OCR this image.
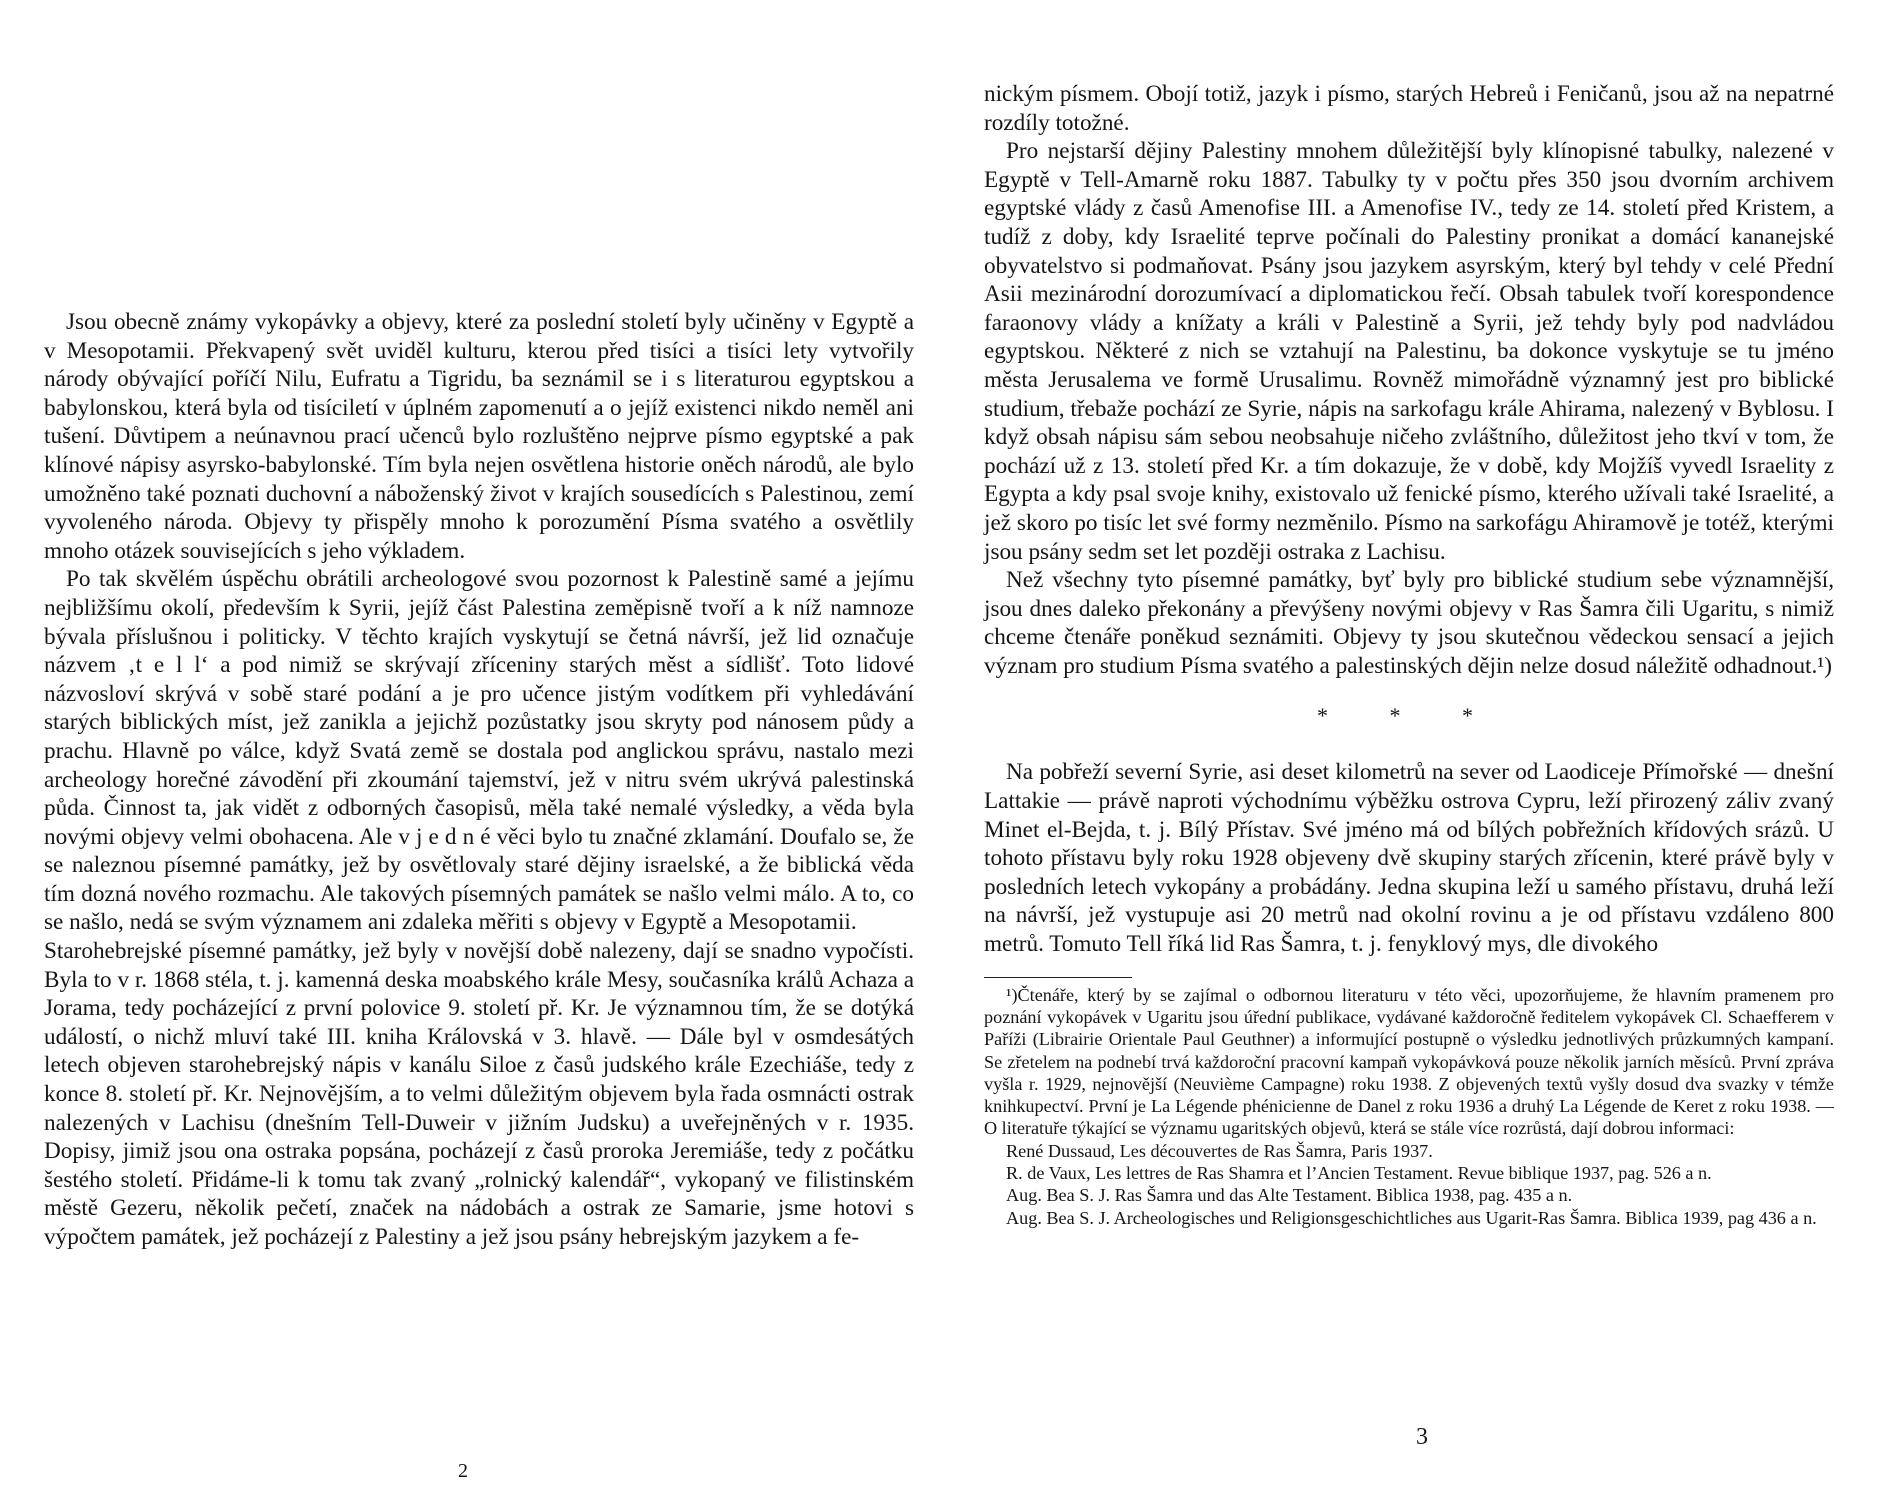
Jsou obecně známy vykopávky a objevy, které za poslední století byly učiněny v Egyptě a v Mesopotamii. Překvapený svět uviděl kulturu, kterou před tisíci a tisíci lety vytvořily národy obývající poříčí Nilu, Eufratu a Tigridu, ba seznámil se i s literaturou egyptskou a babylonskou, která byla od tisíciletí v úplném zapomenutí a o jejíž existenci nikdo neměl ani tušení. Důvtipem a neúnavnou prací učenců bylo rozluštěno nejprve písmo egyptské a pak klínové nápisy asyrsko-babylonské. Tím byla nejen osvětlena historie oněch národů, ale bylo umožněno také poznati duchovní a náboženský život v krajích sousedících s Palestinou, zemí vyvoleného národa. Objevy ty přispěly mnoho k porozumění Písma svatého a osvětlily mnoho otázek souvisejících s jeho výkladem.

Po tak skvělém úspěchu obrátili archeologové svou pozornost k Palestině samé a jejímu nejbližšímu okolí, především k Syrii, jejíž část Palestina zeměpisně tvoří a k níž namnoze bývala příslušnou i politicky. V těchto krajích vyskytují se četná návrší, jež lid označuje názvem ‚t e l l‘ a pod nimiž se skrývají zříceniny starých měst a sídlišť. Toto lidové názvosloví skrývá v sobě staré podání a je pro učence jistým vodítkem při vyhledávání starých biblických míst, jež zanikla a jejichž pozůstatky jsou skryty pod nánosem půdy a prachu. Hlavně po válce, když Svatá země se dostala pod anglickou správu, nastalo mezi archeology horečné závodění při zkoumání tajemství, jež v nitru svém ukrývá palestinská půda. Činnost ta, jak vidět z odborných časopisů, měla také nemalé výsledky, a věda byla novými objevy velmi obohacena. Ale v j e d n é věci bylo tu značné zklamání. Doufalo se, že se naleznou písemné památky, jež by osvětlovaly staré dějiny israelské, a že biblická věda tím dozná nového rozmachu. Ale takových písemných památek se našlo velmi málo. A to, co se našlo, nedá se svým významem ani zdaleka měřiti s objevy v Egyptě a Mesopotamii.

Starohebrejské písemné památky, jež byly v novější době nalezeny, dají se snadno vypočísti. Byla to v r. 1868 stéla, t. j. kamenná deska moabského krále Mesy, současníka králů Achaza a Jorama, tedy pocházející z první polovice 9. století př. Kr. Je významnou tím, že se dotýká událostí, o nichž mluví také III. kniha Královská v 3. hlavě. — Dále byl v osmdesátých letech objeven starohebrejský nápis v kanálu Siloe z časů judského krále Ezechiáše, tedy z konce 8. století př. Kr. Nejnovějším, a to velmi důležitým objevem byla řada osmnácti ostrak nalezených v Lachisu (dnešním Tell-Duweir v jižním Judsku) a uveřejněných v r. 1935. Dopisy, jimiž jsou ona ostraka popsána, pocházejí z časů proroka Jeremiáše, tedy z počátku šestého století. Přidáme-li k tomu tak zvaný „rolnický kalendář“, vykopaný ve filistinském městě Gezeru, několik pečetí, značek na nádobách a ostrak ze Samarie, jsme hotovi s výpočtem památek, jež pocházejí z Palestiny a jež jsou psány hebrejským jazykem a fe-

2

nickým písmem. Obojí totiž, jazyk i písmo, starých Hebreů i Feničanů, jsou až na nepatrné rozdíly totožné.

Pro nejstarší dějiny Palestiny mnohem důležitější byly klínopisné tabulky, nalezené v Egyptě v Tell-Amarně roku 1887. Tabulky ty v počtu přes 350 jsou dvorním archivem egyptské vlády z časů Amenofise III. a Amenofise IV., tedy ze 14. století před Kristem, a tudíž z doby, kdy Israelité teprve počínali do Palestiny pronikat a domácí kananejské obyvatelstvo si podmaňovat. Psány jsou jazykem asyrským, který byl tehdy v celé Přední Asii mezinárodní dorozumívací a diplomatickou řečí. Obsah tabulek tvoří korespondence faraonovy vlády a knížaty a králi v Palestině a Syrii, jež tehdy byly pod nadvládou egyptskou. Některé z nich se vztahují na Palestinu, ba dokonce vyskytuje se tu jméno města Jerusalema ve formě Urusalimu. Rovněž mimořádně významný jest pro biblické studium, třebaže pochází ze Syrie, nápis na sarkofagu krále Ahirama, nalezený v Byblosu. I když obsah nápisu sám sebou neobsahuje ničeho zvláštního, důležitost jeho tkví v tom, že pochází už z 13. století před Kr. a tím dokazuje, že v době, kdy Mojžíš vyvedl Israelity z Egypta a kdy psal svoje knihy, existovalo už fenické písmo, kterého užívali také Israelité, a jež skoro po tisíc let své formy nezměnilo. Písmo na sarkofágu Ahiramově je totéž, kterými jsou psány sedm set let později ostraka z Lachisu.

Než všechny tyto písemné památky, byť byly pro biblické studium sebe významnější, jsou dnes daleko překonány a převýšeny novými objevy v Ras Šamra čili Ugaritu, s nimiž chceme čtenáře poněkud seznámiti. Objevy ty jsou skutečnou vědeckou sensací a jejich význam pro studium Písma svatého a palestinských dějin nelze dosud náležitě odhadnout.¹)

* * *

Na pobřeží severní Syrie, asi deset kilometrů na sever od Laodiceje Přímořské — dnešní Lattakie — právě naproti východnímu výběžku ostrova Cypru, leží přirozený záliv zvaný Minet el-Bejda, t. j. Bílý Přístav. Své jméno má od bílých pobřežních křídových srázů. U tohoto přístavu byly roku 1928 objeveny dvě skupiny starých zřícenin, které právě byly v posledních letech vykopány a probádány. Jedna skupina leží u samého přístavu, druhá leží na návrší, jež vystupuje asi 20 metrů nad okolní rovinu a je od přístavu vzdáleno 800 metrů. Tomuto Tell říká lid Ras Šamra, t. j. fenyklový mys, dle divokého

¹)Čtenáře, který by se zajímal o odbornou literaturu v této věci, upozorňujeme, že hlavním pramenem pro poznání vykopávek v Ugaritu jsou úřední publikace, vydávané každoročně ředitelem vykopávek Cl. Schaefferem v Paříži (Librairie Orientale Paul Geuthner) a informující postupně o výsledku jednotlivých průzkumných kampaní. Se zřetelem na podnebí trvá každoroční pracovní kampaň vykopávková pouze několik jarních měsíců. První zpráva vyšla r. 1929, nejnovější (Neuvième Campagne) roku 1938. Z objevených textů vyšly dosud dva svazky v témže knihkupectví. První je La Légende phénicienne de Danel z roku 1936 a druhý La Légende de Keret z roku 1938. — O literatuře týkající se významu ugaritských objevů, která se stále více rozrůstá, dají dobrou informaci:

René Dussaud, Les découvertes de Ras Šamra, Paris 1937.

R. de Vaux, Les lettres de Ras Shamra et l’Ancien Testament. Revue biblique 1937, pag. 526 a n.

Aug. Bea S. J. Ras Šamra und das Alte Testament. Biblica 1938, pag. 435 a n.

Aug. Bea S. J. Archeologisches und Religionsgeschichtliches aus Ugarit-Ras Šamra. Biblica 1939, pag 436 a n.

3
